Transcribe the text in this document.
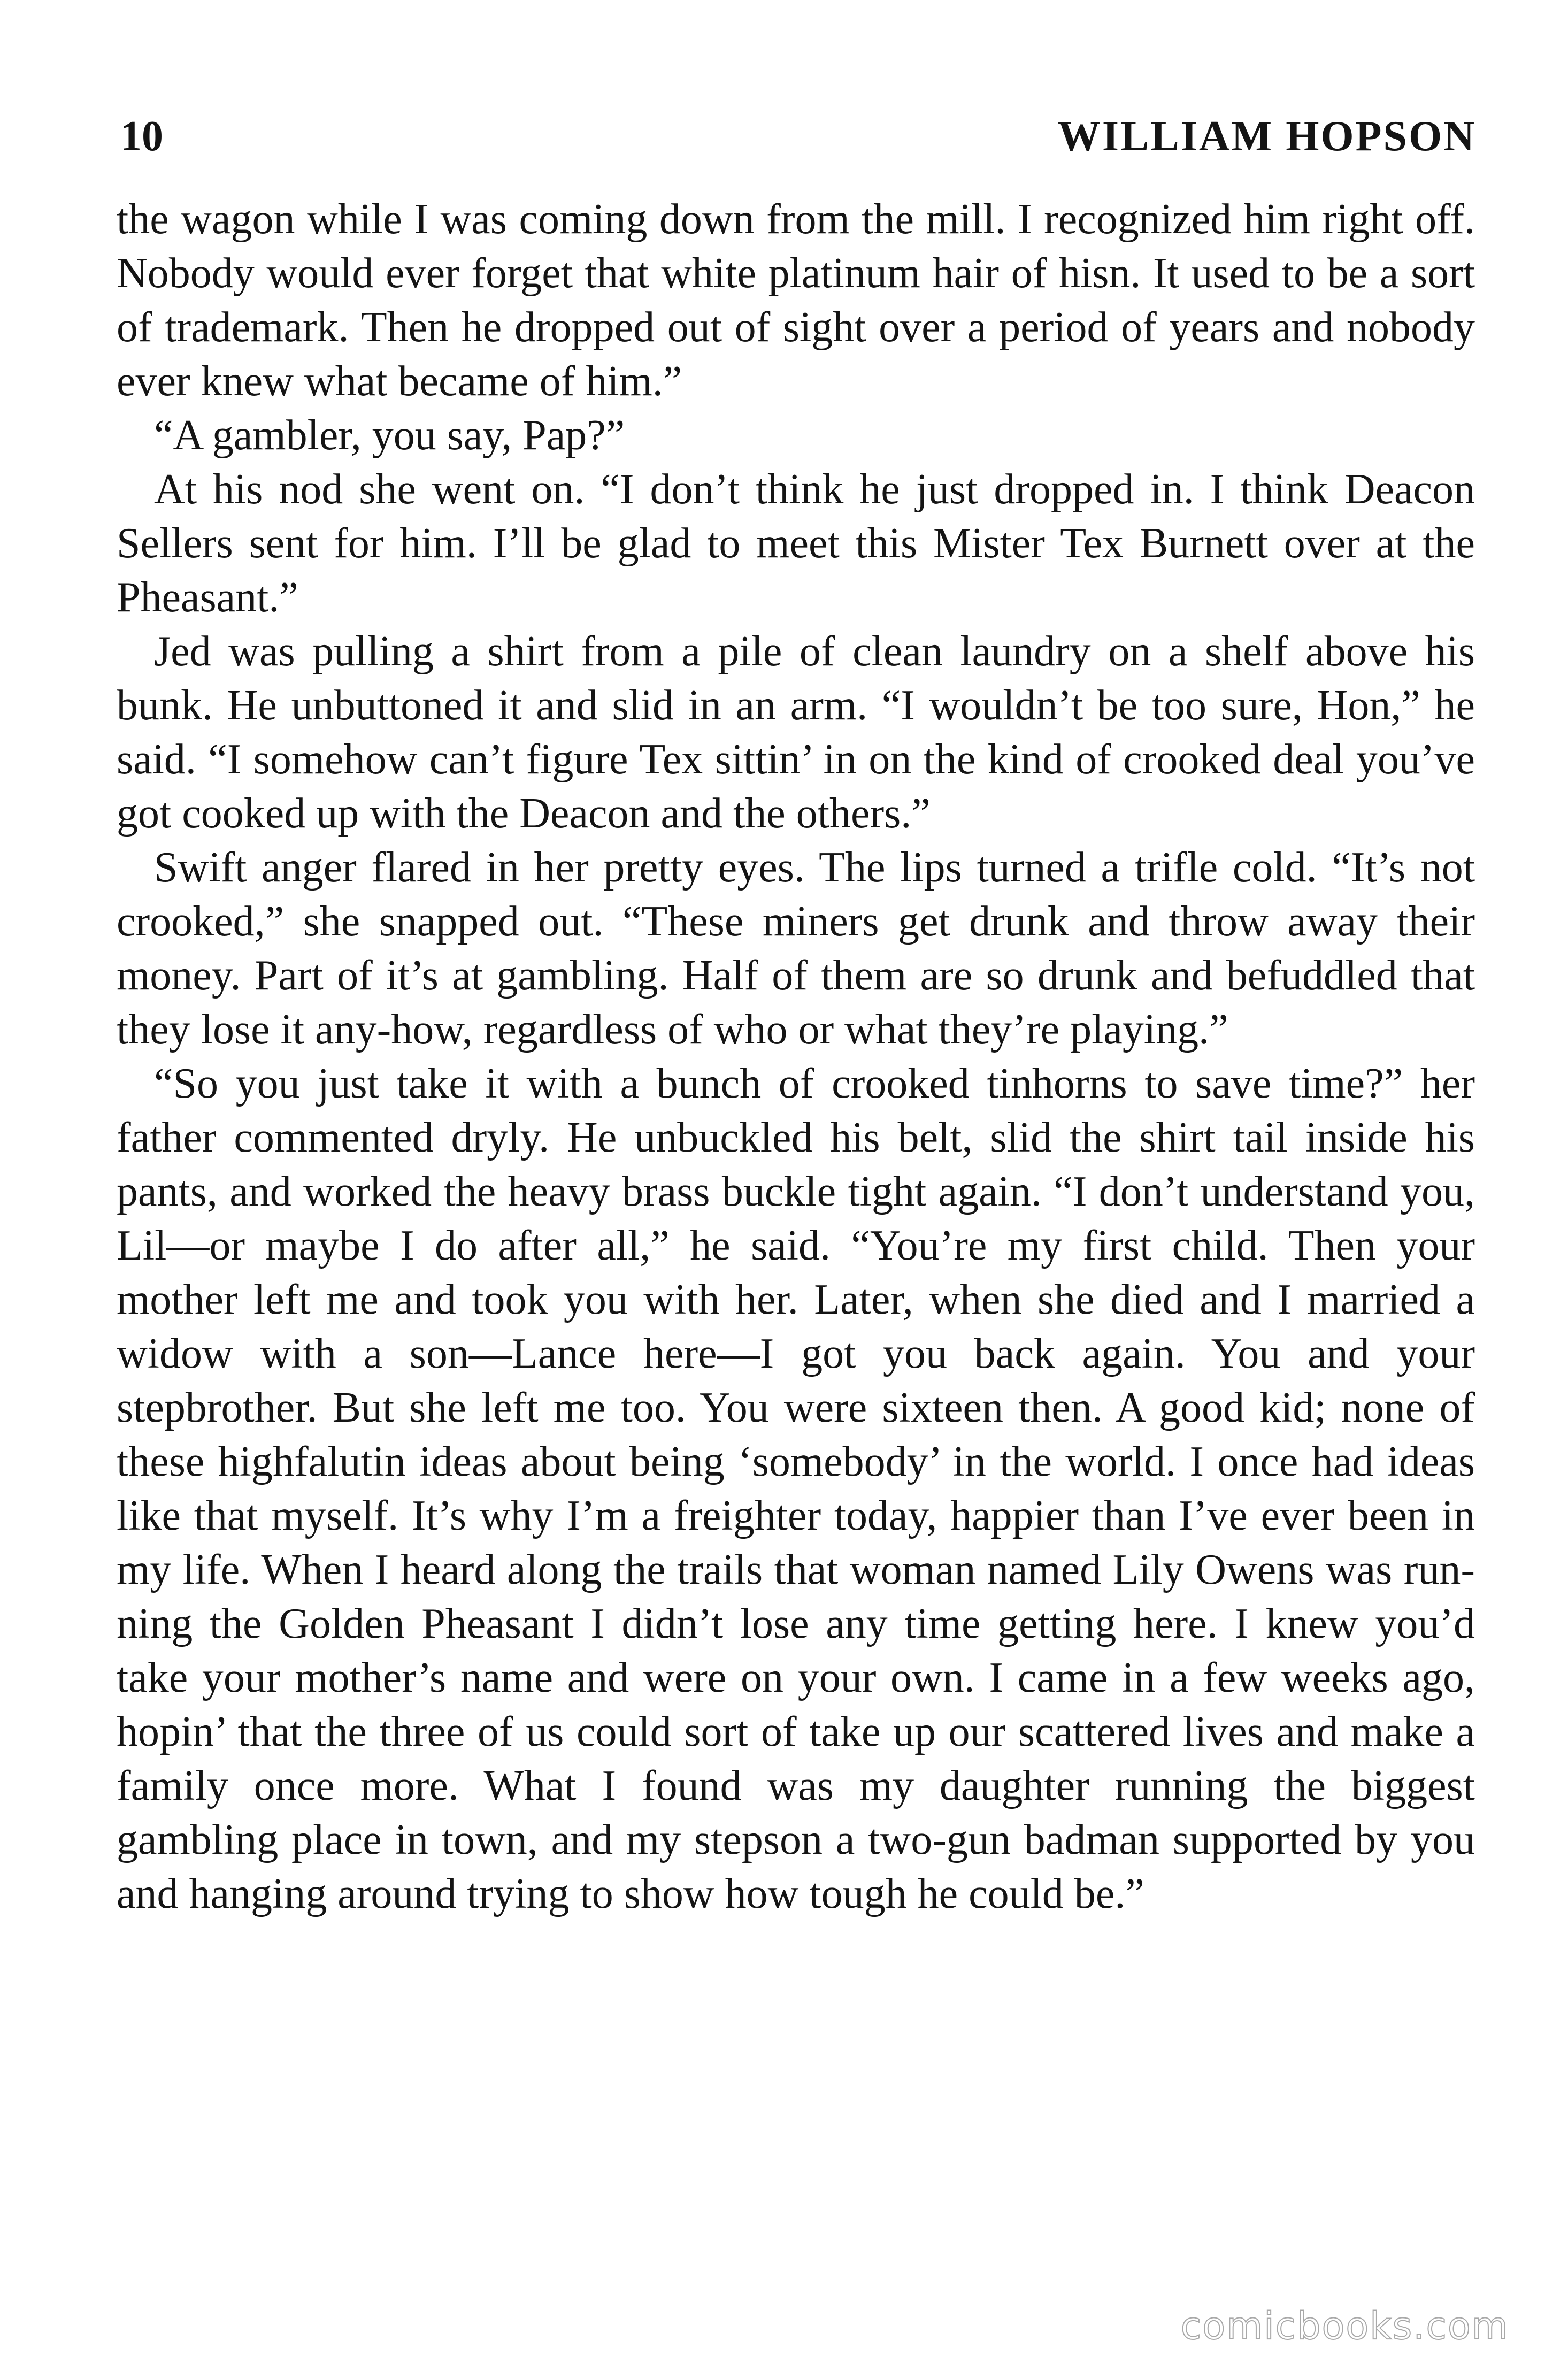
10	WILLIAM HOPSON

the wagon while I was coming down from the mill. I recognized him right off. Nobody would ever forget that white platinum hair of hisn. It used to be a sort of trademark. Then he dropped out of sight over a period of years and nobody ever knew what became of him.”

“A gambler, you say, Pap?”

At his nod she went on. “I don’t think he just dropped in. I think Deacon Sellers sent for him. I’ll be glad to meet this Mister Tex Burnett over at the Pheasant.”

Jed was pulling a shirt from a pile of clean laundry on a shelf above his bunk. He unbuttoned it and slid in an arm. “I wouldn’t be too sure, Hon,” he said. “I somehow can’t figure Tex sittin’ in on the kind of crooked deal you’ve got cooked up with the Deacon and the others.”

Swift anger flared in her pretty eyes. The lips turned a trifle cold. “It’s not crooked,” she snapped out. “These miners get drunk and throw away their money. Part of it’s at gambling. Half of them are so drunk and befuddled that they lose it any-how, regardless of who or what they’re playing.”

“So you just take it with a bunch of crooked tinhorns to save time?” her father commented dryly. He unbuckled his belt, slid the shirt tail inside his pants, and worked the heavy brass buckle tight again. “I don’t understand you, Lil—or maybe I do after all,” he said. “You’re my first child. Then your mother left me and took you with her. Later, when she died and I married a widow with a son—Lance here—I got you back again. You and your stepbrother. But she left me too. You were sixteen then. A good kid; none of these highfalutin ideas about being ‘somebody’ in the world. I once had ideas like that myself. It’s why I’m a freighter today, happier than I’ve ever been in my life. When I heard along the trails that woman named Lily Owens was run-ning the Golden Pheasant I didn’t lose any time getting here. I knew you’d take your mother’s name and were on your own. I came in a few weeks ago, hopin’ that the three of us could sort of take up our scattered lives and make a family once more. What I found was my daughter running the biggest gambling place in town, and my stepson a two-gun badman supported by you and hanging around trying to show how tough he could be.”

comicbooks.com
